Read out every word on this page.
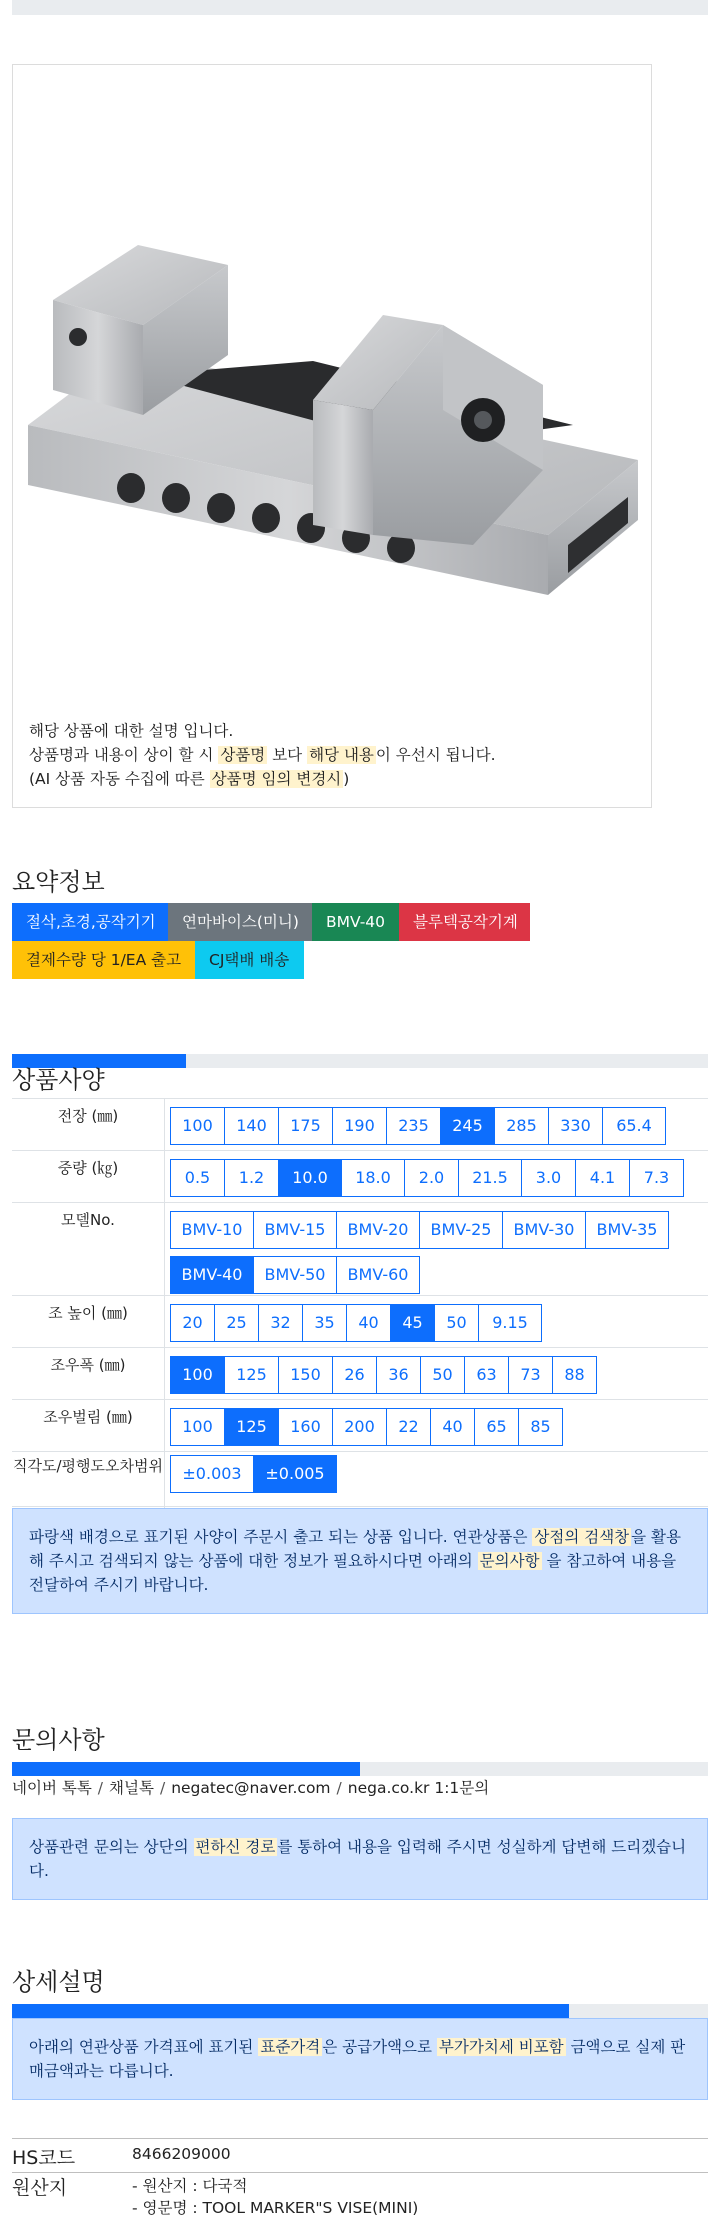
해당 상품에 대한 설명 입니다.
상품명과 내용이 상이 할 시 상품명 보다 해당 내용 이 우선시 됩니다.
(AI 상품 자동 수집에 따른 상품명 임의 변경시 )
요약정보
절삭,초경,공작기기	연마바이스(미니)	BMV-40	블루텍공작기계
결제수량 당 1/EA 출고	CJ택배 배송
상품사양
전장 (㎜)	100	140	175	190	235	245	285	330	65.4
중량 (㎏)	0.5	1.2	10.0	18.0	2.0	21.5	3.0	4.1	7.3
모델No.	BMV-10	BMV-15	BMV-20	BMV-25	BMV-30	BMV-35
BMV-40	BMV-50	BMV-60
조 높이 (㎜)	20	25	32	35	40	45	50	9.15
조우폭 (㎜)	100	125	150	26	36	50	63	73	88
조우벌림 (㎜)	100	125	160	200	22	40	65	85
직각도/평행도오차범위	±0.003	±0.005
파랑색 배경으로 표기된 사양이 주문시 출고 되는 상품 입니다. 연관상품은 상점의 검색창 을 활용해 주시고 검색되지 않는 상품에 대한 정보가 필요하시다면 아래의 문의사항 을 참고하여 내용을 전달하여 주시기 바랍니다.
문의사항
네이버 톡톡 / 채널톡 / negatec@naver.com / nega.co.kr 1:1문의
상품관련 문의는 상단의 편하신 경로 를 통하여 내용을 입력해 주시면 성실하게 답변해 드리겠습니다.
상세설명
아래의 연관상품 가격표에 표기된 표준가격 은 공급가액으로 부가가치세 비포함 금액으로 실제 판매금액과는 다릅니다.
HS코드	8466209000
원산지	- 원산지 : 다국적
- 영문명 : TOOL MARKER"S VISE(MINI)
